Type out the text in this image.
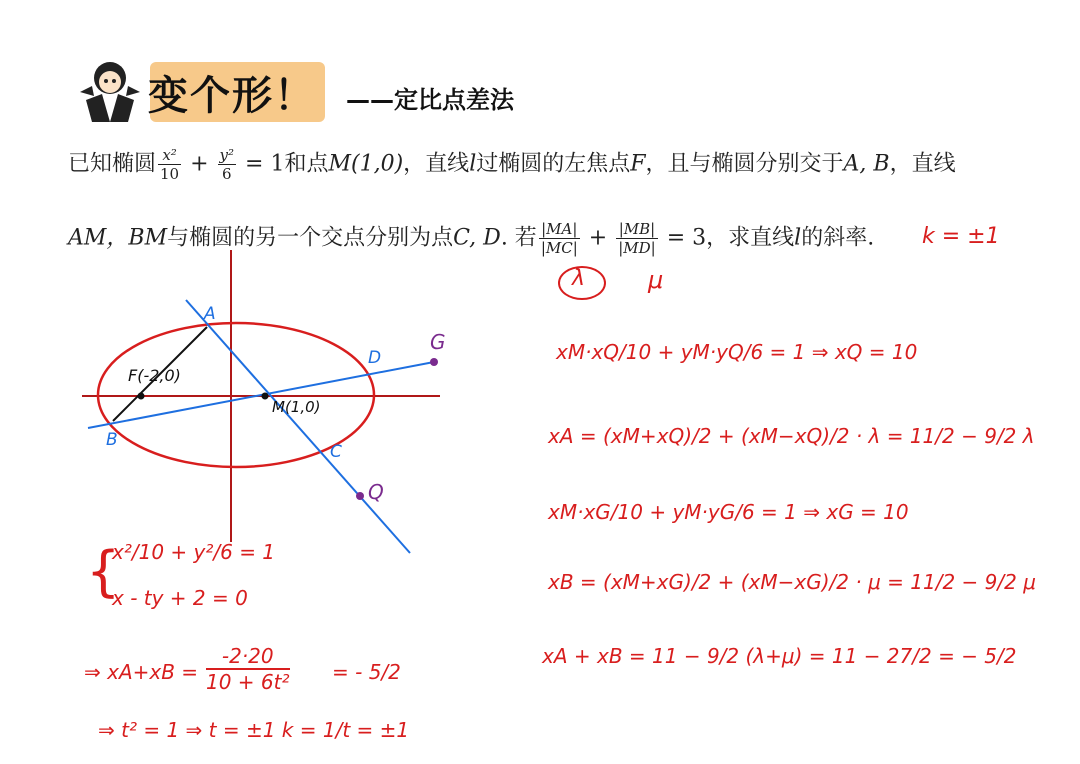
变个形！ ——定比点差法
已知椭圆 $\frac{\text{x²}}{10} + \frac{\text{y²}}{6} = 1$和点M(1,0)，直线l过椭圆的左焦点F，且与椭圆分别交于A, B，直线
AM，BM与椭圆的另一个交点分别为点C, D. 若 $\frac{|MA|}{|MC|} + \frac{|MB|}{|MD|} = 3$，求直线l的斜率. k = ±1
λ	μ
A
B
C
D
G
Q
F(-2,0)
M(1,0)
{
x²/10 + y²/6 = 1
x - ty + 2 = 0
⇒ $xA+xB = \frac{-2\cdot 20}{\text{10 + 6t²}}$ = - 5/2
⇒ t² = 1 ⇒ t = ±1 k = 1/t = ±1
xM·xQ/10 + yM·yQ/6 = 1 ⇒ xQ = 10
xA = (xM+xQ)/2 + (xM−xQ)/2 · λ = 11/2 − 9/2 λ
xM·xG/10 + yM·yG/6 = 1 ⇒ xG = 10
xB = (xM+xG)/2 + (xM−xG)/2 · μ = 11/2 − 9/2 μ
xA + xB = 11 − 9/2 (λ+μ) = 11 − 27/2 = − 5/2
